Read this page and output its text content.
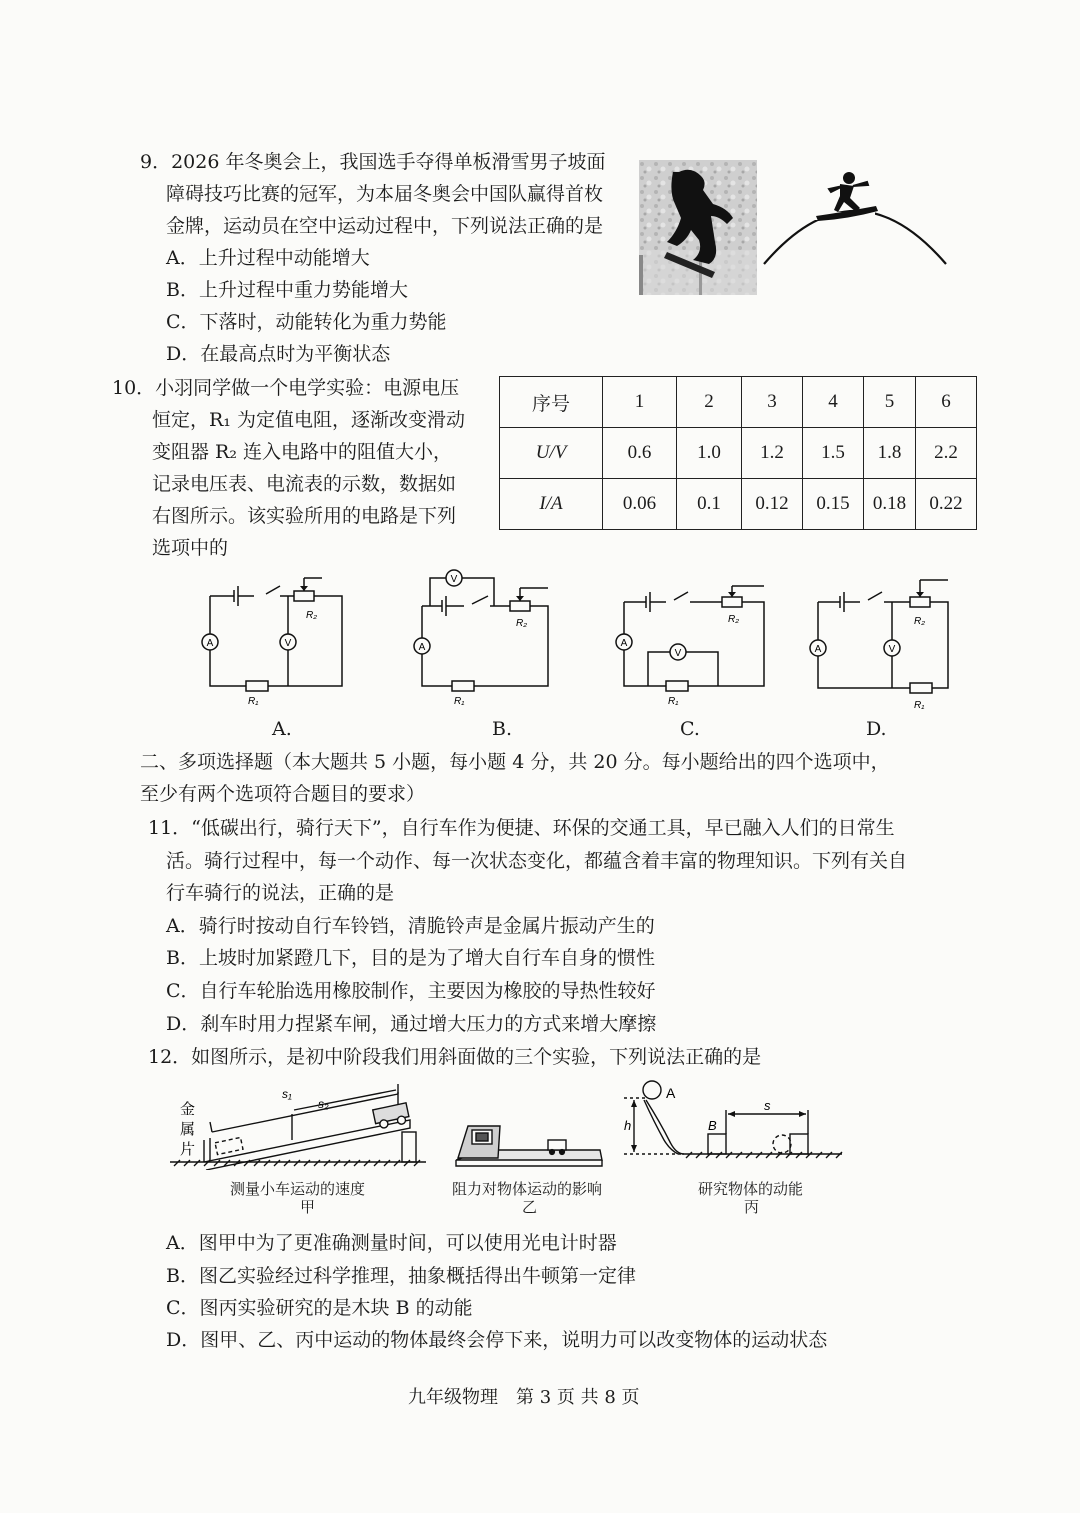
9．2026 年冬奥会上，我国选手夺得单板滑雪男子坡面
障碍技巧比赛的冠军，为本届冬奥会中国队赢得首枚
金牌，运动员在空中运动过程中，下列说法正确的是
A．上升过程中动能增大
B．上升过程中重力势能增大
C．下落时，动能转化为重力势能
D．在最高点时为平衡状态
10．小羽同学做一个电学实验：电源电压
恒定，R₁ 为定值电阻，逐渐改变滑动
变阻器 R₂ 连入电路中的阻值大小，
记录电压表、电流表的示数，数据如
右图所示。该实验所用的电路是下列
选项中的
序号	1	2	3	4	5	6
U/V	0.6	1.0	1.2	1.5	1.8	2.2
I/A	0.06	0.1	0.12	0.15	0.18	0.22
A	V
R₂
R₁
A.
V
A
R₂
R₁
B.
A
V
R₂
R₁
C.
A	V
R₂
R₁
D.
二、多项选择题（本大题共 5 小题，每小题 4 分，共 20 分。每小题给出的四个选项中，
至少有两个选项符合题目的要求）
11．“低碳出行，骑行天下”，自行车作为便捷、环保的交通工具，早已融入人们的日常生
活。骑行过程中，每一个动作、每一次状态变化，都蕴含着丰富的物理知识。下列有关自
行车骑行的说法，正确的是
A．骑行时按动自行车铃铛，清脆铃声是金属片振动产生的
B．上坡时加紧蹬几下，目的是为了增大自行车自身的惯性
C．自行车轮胎选用橡胶制作，主要因为橡胶的导热性较好
D．刹车时用力捏紧车闸，通过增大压力的方式来增大摩擦
12．如图所示，是初中阶段我们用斜面做的三个实验，下列说法正确的是
s₁
s₂
金
属
片
测量小车运动的速度
甲
阻力对物体运动的影响
乙
A
B
h
s
研究物体的动能
丙
A．图甲中为了更准确测量时间，可以使用光电计时器
B．图乙实验经过科学推理，抽象概括得出牛顿第一定律
C．图丙实验研究的是木块 B 的动能
D．图甲、乙、丙中运动的物体最终会停下来，说明力可以改变物体的运动状态
九年级物理　第 3 页 共 8 页
